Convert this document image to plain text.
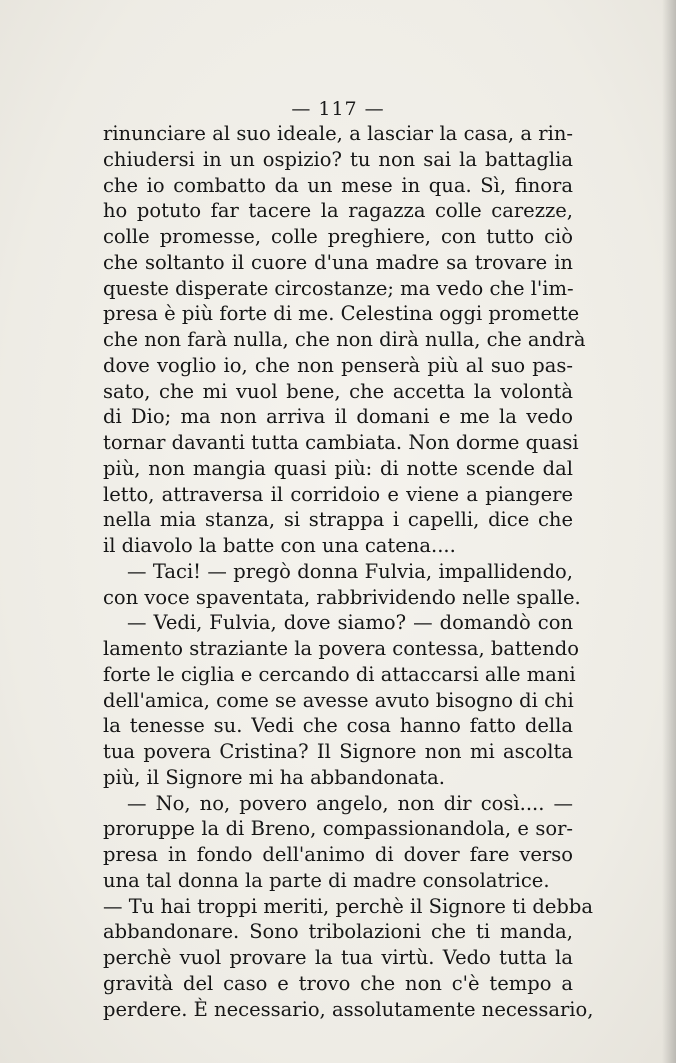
— 117 —
rinunciare al suo ideale, a lasciar la casa, a rin-
chiudersi in un ospizio? tu non sai la battaglia
che io combatto da un mese in qua. Sì, finora
ho potuto far tacere la ragazza colle carezze,
colle promesse, colle preghiere, con tutto ciò
che soltanto il cuore d'una madre sa trovare in
queste disperate circostanze; ma vedo che l'im-
presa è più forte di me. Celestina oggi promette
che non farà nulla, che non dirà nulla, che andrà
dove voglio io, che non penserà più al suo pas-
sato, che mi vuol bene, che accetta la volontà
di Dio; ma non arriva il domani e me la vedo
tornar davanti tutta cambiata. Non dorme quasi
più, non mangia quasi più: di notte scende dal
letto, attraversa il corridoio e viene a piangere
nella mia stanza, si strappa i capelli, dice che
il diavolo la batte con una catena....
— Taci! — pregò donna Fulvia, impallidendo,
con voce spaventata, rabbrividendo nelle spalle.
— Vedi, Fulvia, dove siamo? — domandò con
lamento straziante la povera contessa, battendo
forte le ciglia e cercando di attaccarsi alle mani
dell'amica, come se avesse avuto bisogno di chi
la tenesse su. Vedi che cosa hanno fatto della
tua povera Cristina? Il Signore non mi ascolta
più, il Signore mi ha abbandonata.
— No, no, povero angelo, non dir così.... —
proruppe la di Breno, compassionandola, e sor-
presa in fondo dell'animo di dover fare verso
una tal donna la parte di madre consolatrice.
— Tu hai troppi meriti, perchè il Signore ti debba
abbandonare. Sono tribolazioni che ti manda,
perchè vuol provare la tua virtù. Vedo tutta la
gravità del caso e trovo che non c'è tempo a
perdere. È necessario, assolutamente necessario,
